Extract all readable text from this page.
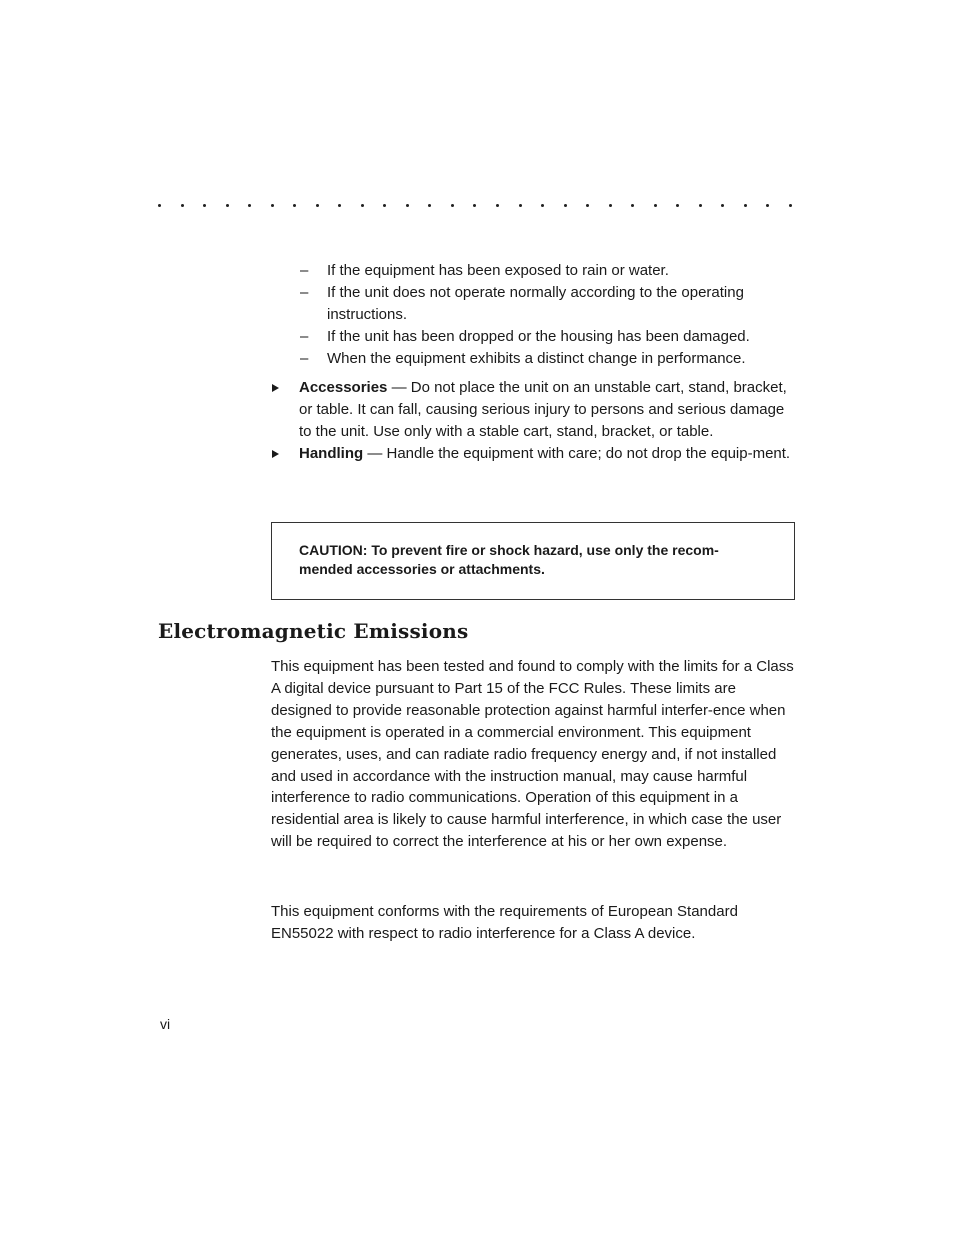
– If the equipment has been exposed to rain or water.
– If the unit does not operate normally according to the operating instructions.
– If the unit has been dropped or the housing has been damaged.
– When the equipment exhibits a distinct change in performance.
Accessories — Do not place the unit on an unstable cart, stand, bracket, or table. It can fall, causing serious injury to persons and serious damage to the unit. Use only with a stable cart, stand, bracket, or table.
Handling — Handle the equipment with care; do not drop the equip-ment.
CAUTION: To prevent fire or shock hazard, use only the recom-mended accessories or attachments.
Electromagnetic Emissions

This equipment has been tested and found to comply with the limits for a Class A digital device pursuant to Part 15 of the FCC Rules. These limits are designed to provide reasonable protection against harmful interfer-ence when the equipment is operated in a commercial environment. This equipment generates, uses, and can radiate radio frequency energy and, if not installed and used in accordance with the instruction manual, may cause harmful interference to radio communications. Operation of this equipment in a residential area is likely to cause harmful interference, in which case the user will be required to correct the interference at his or her own expense.

This equipment conforms with the requirements of European Standard EN55022 with respect to radio interference for a Class A device.

vi
